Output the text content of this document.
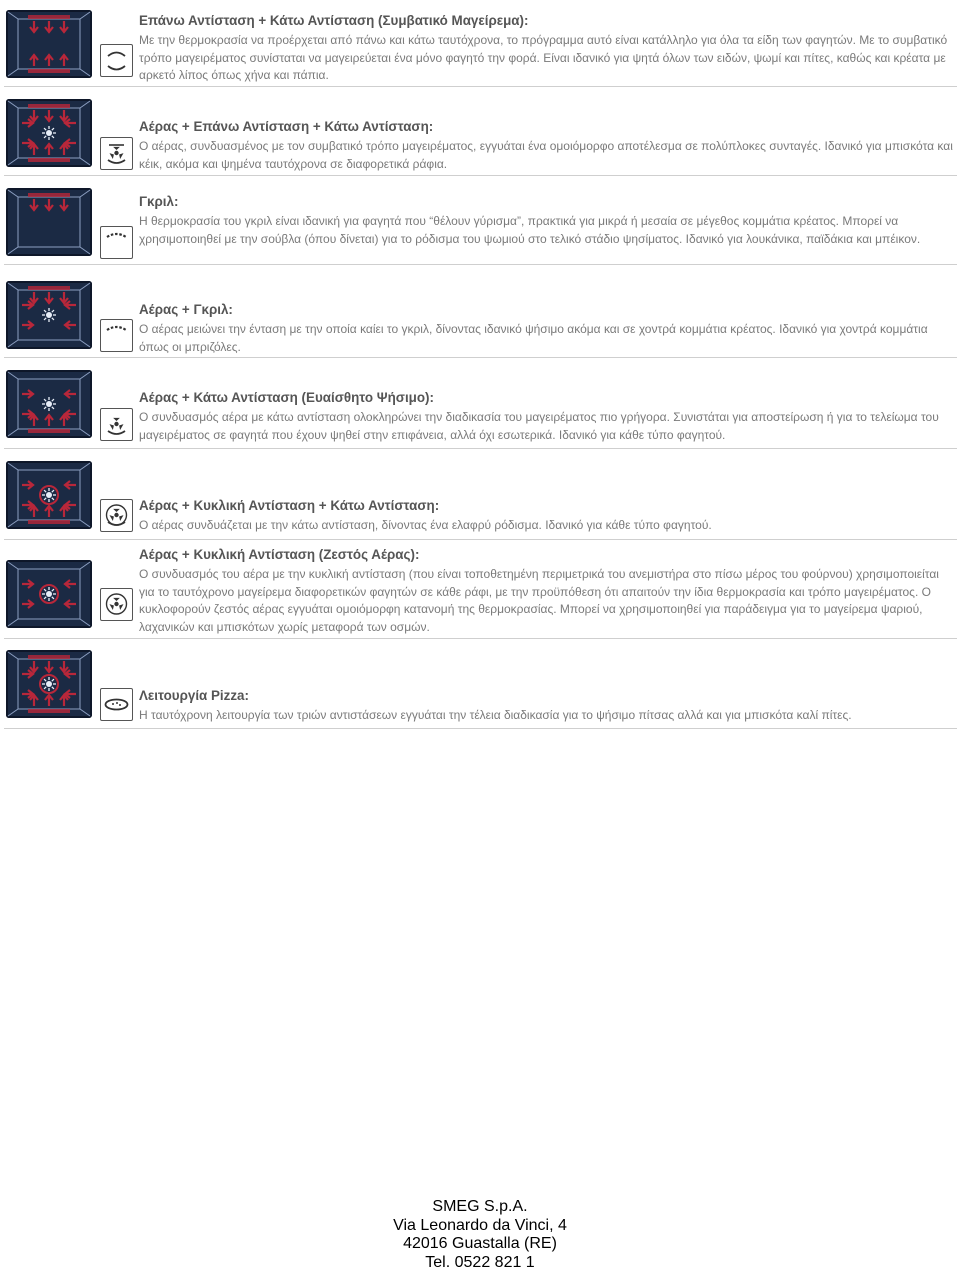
Επάνω Αντίσταση + Κάτω Αντίσταση (Συμβατικό Μαγείρεμα):

Με την θερμοκρασία να προέρχεται από πάνω και κάτω ταυτόχρονα, το πρόγραμμα αυτό είναι κατάλληλο για όλα τα είδη των φαγητών. Με το συμβατικό τρόπο μαγειρέματος συνίσταται να μαγειρεύεται ένα μόνο φαγητό την φορά. Είναι ιδανικό για ψητά όλων των ειδών, ψωμί και πίτες, καθώς και κρέατα με αρκετό λίπος όπως χήνα και πάπια.

Αέρας + Επάνω Αντίσταση + Κάτω Αντίσταση:

Ο αέρας, συνδυασμένος με τον συμβατικό τρόπο μαγειρέματος, εγγυάται ένα ομοιόμορφο αποτέλεσμα σε πολύπλοκες συνταγές. Ιδανικό για μπισκότα και κέικ, ακόμα και ψημένα ταυτόχρονα σε διαφορετικά ράφια.

Γκριλ:

Η θερμοκρασία του γκριλ είναι ιδανική για φαγητά που “θέλουν γύρισμα”, πρακτικά για μικρά ή μεσαία σε μέγεθος κομμάτια κρέατος. Μπορεί να χρησιμοποιηθεί με την σούβλα (όπου δίνεται) για το ρόδισμα του ψωμιού στο τελικό στάδιο ψησίματος. Ιδανικό για λουκάνικα, παϊδάκια και μπέικον.

Αέρας + Γκριλ:

Ο αέρας μειώνει την ένταση με την οποία καίει το γκριλ, δίνοντας ιδανικό ψήσιμο ακόμα και σε χοντρά κομμάτια κρέατος. Ιδανικό για χοντρά κομμάτια όπως οι μπριζόλες.

Αέρας + Κάτω Αντίσταση (Ευαίσθητο Ψήσιμο):

Ο συνδυασμός αέρα με κάτω αντίσταση ολοκληρώνει την διαδικασία του μαγειρέματος πιο γρήγορα. Συνιστάται για αποστείρωση ή για το τελείωμα του μαγειρέματος σε φαγητά που έχουν ψηθεί στην επιφάνεια, αλλά όχι εσωτερικά. Ιδανικό για κάθε τύπο φαγητού.

Αέρας + Κυκλική Αντίσταση + Κάτω Αντίσταση:

Ο αέρας συνδυάζεται με την κάτω αντίσταση, δίνοντας ένα ελαφρύ ρόδισμα. Ιδανικό για κάθε τύπο φαγητού.

Αέρας + Κυκλική Αντίσταση (Ζεστός Αέρας):

Ο συνδυασμός του αέρα με την κυκλική αντίσταση (που είναι τοποθετημένη περιμετρικά του ανεμιστήρα στο πίσω μέρος του φούρνου) χρησιμοποιείται για το ταυτόχρονο μαγείρεμα διαφορετικών φαγητών σε κάθε ράφι, με την προϋπόθεση ότι απαιτούν την ίδια θερμοκρασία και τρόπο μαγειρέματος. Ο κυκλοφορούν ζεστός αέρας εγγυάται ομοιόμορφη κατανομή της θερμοκρασίας. Μπορεί να χρησιμοποιηθεί για παράδειγμα για το μαγείρεμα ψαριού, λαχανικών και μπισκότων χωρίς μεταφορά των οσμών.

Λειτουργία Pizza:

Η ταυτόχρονη λειτουργία των τριών αντιστάσεων εγγυάται την τέλεια διαδικασία για το ψήσιμο πίτσας αλλά και για μπισκότα καλί πίτες.

SMEG S.p.A.
Via Leonardo da Vinci, 4
42016 Guastalla (RE)
Tel. 0522 821 1
